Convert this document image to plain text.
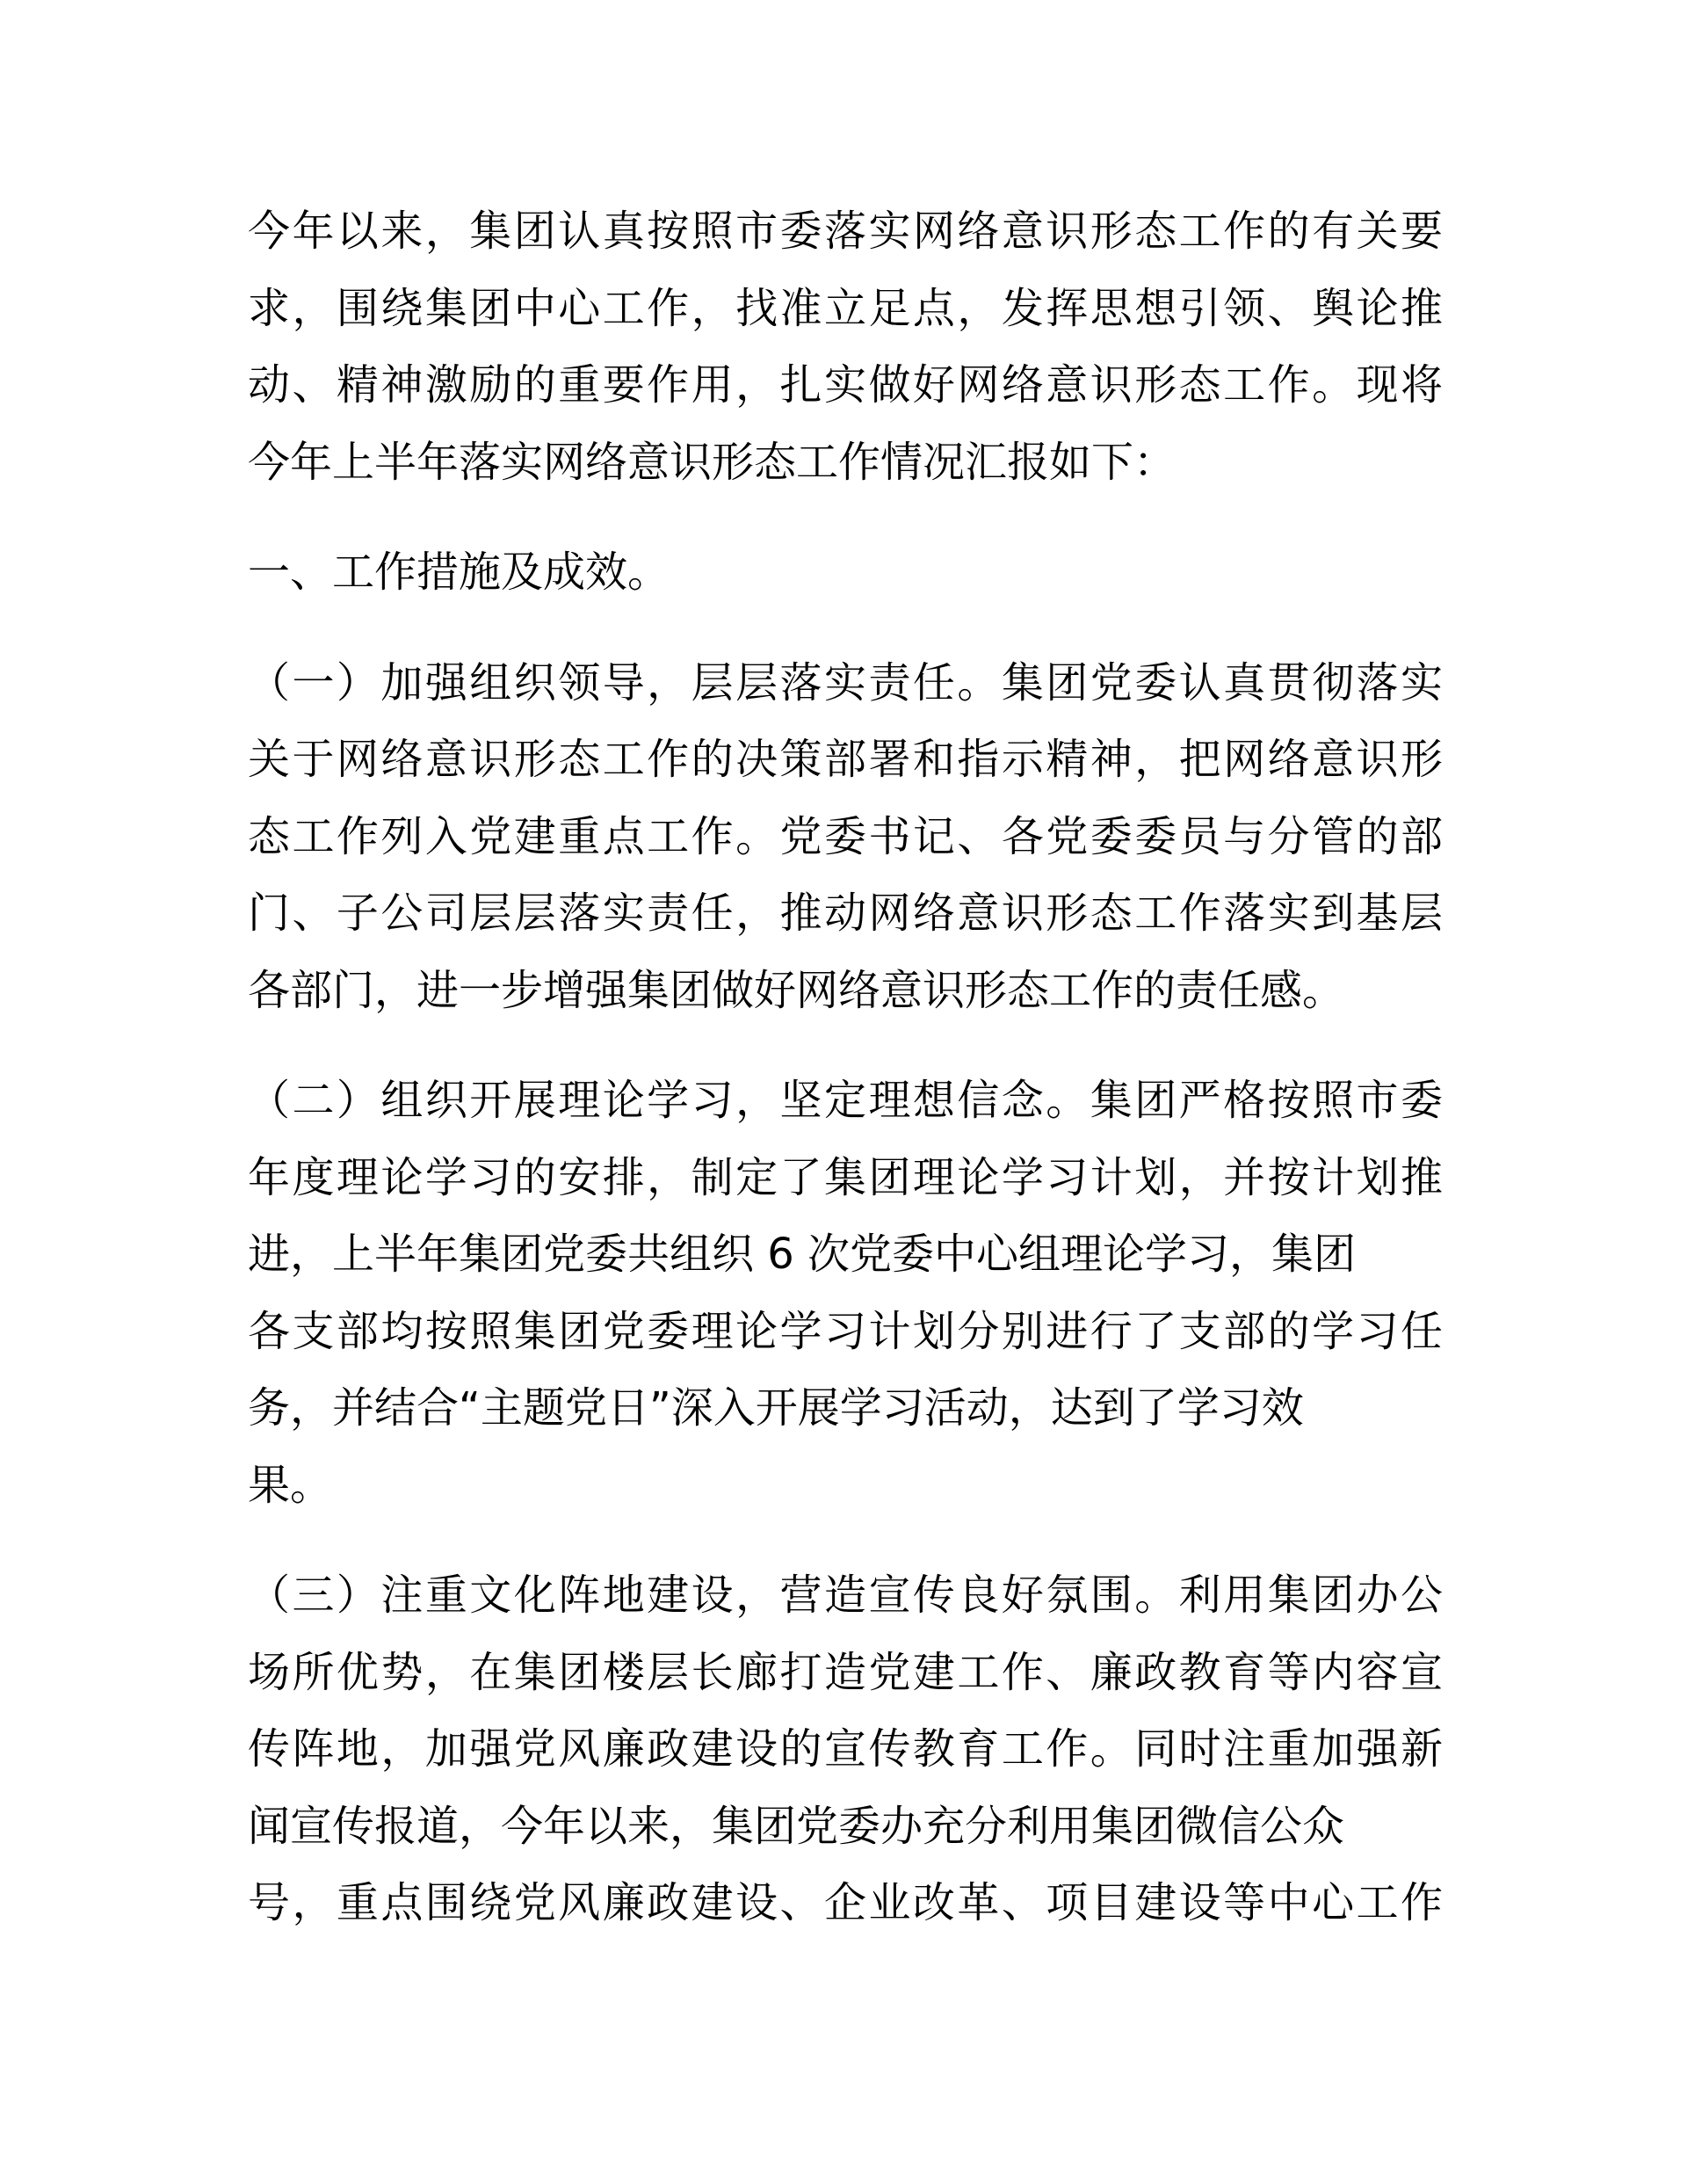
今年以来，集团认真按照市委落实网络意识形态工作的有关要
求，围绕集团中心工作，找准立足点，发挥思想引领、舆论推
动、精神激励的重要作用，扎实做好网络意识形态工作。现将
今年上半年落实网络意识形态工作情况汇报如下：
一、工作措施及成效。
（一）加强组织领导，层层落实责任。集团党委认真贯彻落实
关于网络意识形态工作的决策部署和指示精神，把网络意识形
态工作列入党建重点工作。党委书记、各党委委员与分管的部
门、子公司层层落实责任，推动网络意识形态工作落实到基层
各部门，进一步增强集团做好网络意识形态工作的责任感。
（二）组织开展理论学习，坚定理想信念。集团严格按照市委
年度理论学习的安排，制定了集团理论学习计划，并按计划推
进，上半年集团党委共组织 6 次党委中心组理论学习，集团
各支部均按照集团党委理论学习计划分别进行了支部的学习任
务，并结合“主题党日”深入开展学习活动，达到了学习效
果。
（三）注重文化阵地建设，营造宣传良好氛围。利用集团办公
场所优势，在集团楼层长廊打造党建工作、廉政教育等内容宣
传阵地，加强党风廉政建设的宣传教育工作。同时注重加强新
闻宣传报道，今年以来，集团党委办充分利用集团微信公众
号，重点围绕党风廉政建设、企业改革、项目建设等中心工作
